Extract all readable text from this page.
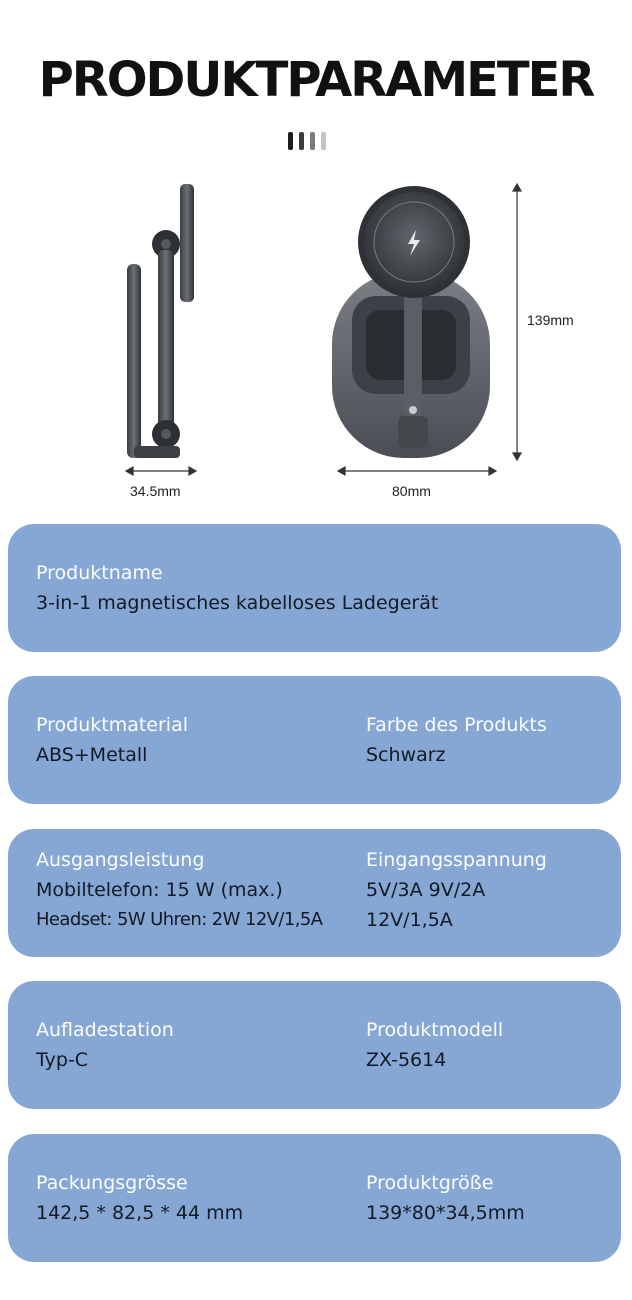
PRODUKTPARAMETER
34.5mm	80mm
139mm
Produktname
3-in-1 magnetisches kabelloses Ladegerät
Produktmaterial
ABS+Metall
Farbe des Produkts
Schwarz
Ausgangsleistung
Mobiltelefon: 15 W (max.)
Headset: 5W Uhren: 2W 12V/1,5A
Eingangsspannung
5V/3A 9V/2A
12V/1,5A
Aufladestation
Typ-C
Produktmodell
ZX-5614
Packungsgrösse
142,5 * 82,5 * 44 mm
Produktgröße
139*80*34,5mm
